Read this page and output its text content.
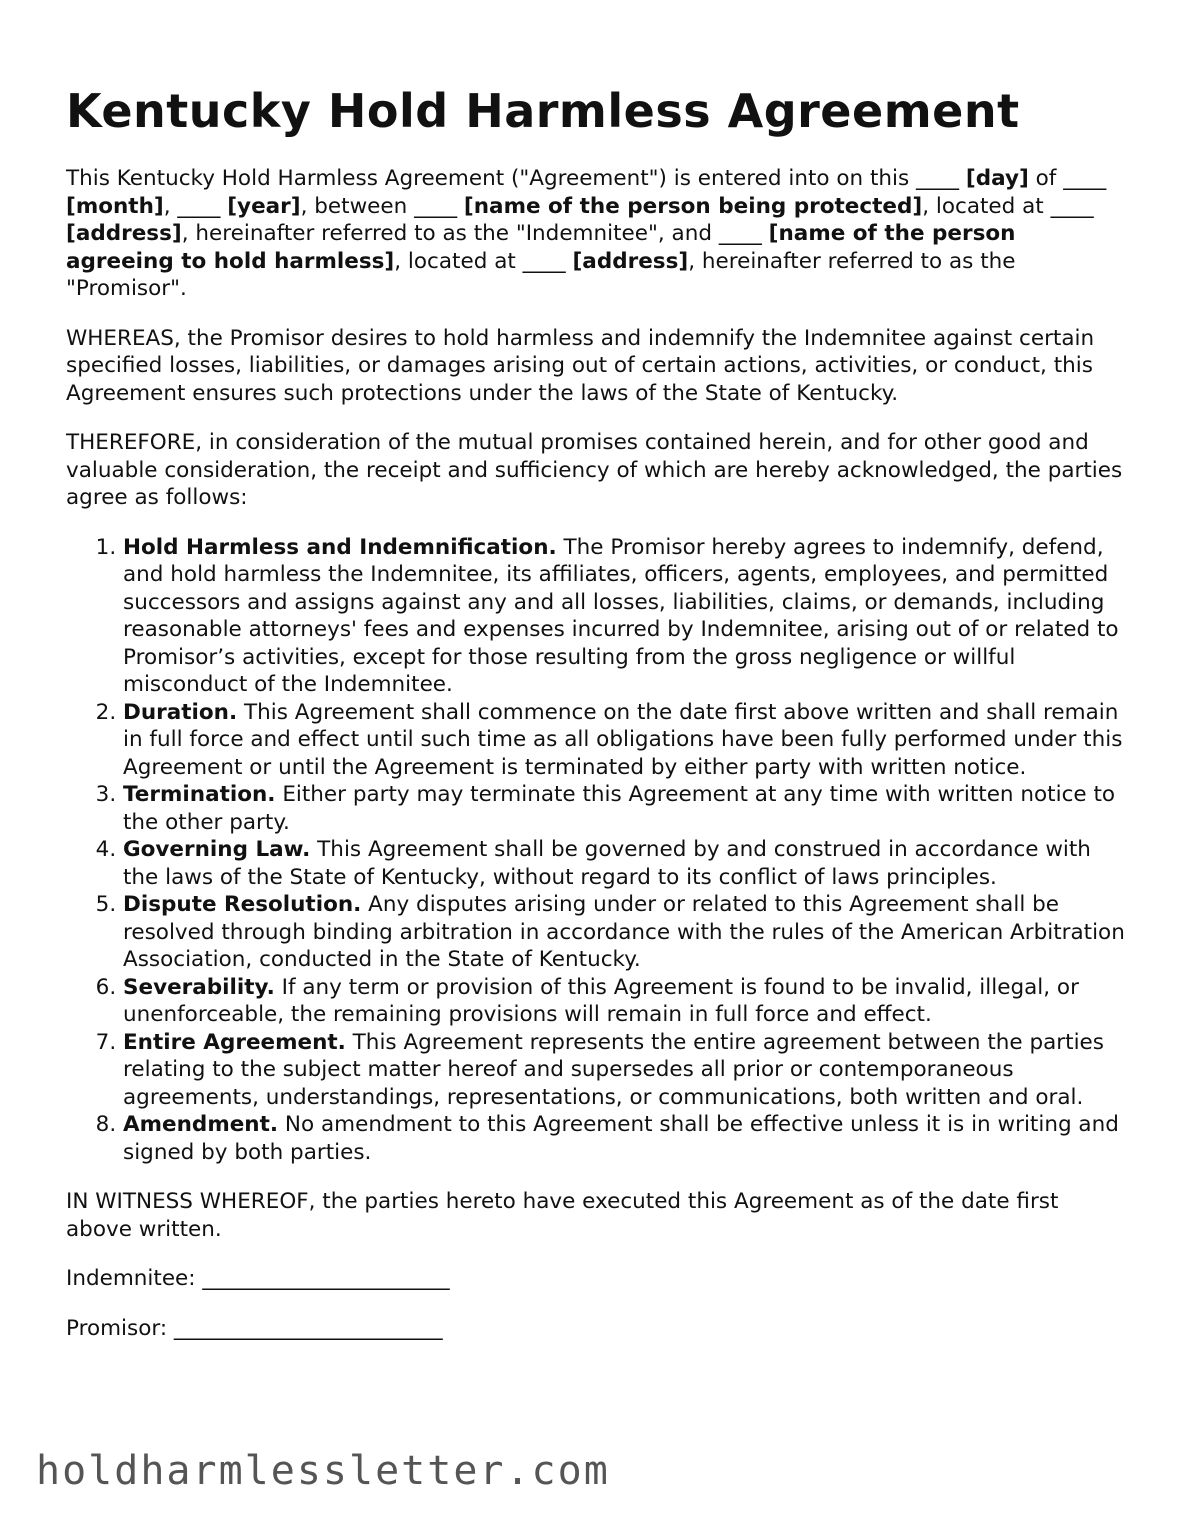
Kentucky Hold Harmless Agreement

This Kentucky Hold Harmless Agreement ("Agreement") is entered into on this ____ [day] of ____ [month], ____ [year], between ____ [name of the person being protected], located at ____ [address], hereinafter referred to as the "Indemnitee", and ____ [name of the person agreeing to hold harmless], located at ____ [address], hereinafter referred to as the "Promisor".

WHEREAS, the Promisor desires to hold harmless and indemnify the Indemnitee against certain specified losses, liabilities, or damages arising out of certain actions, activities, or conduct, this Agreement ensures such protections under the laws of the State of Kentucky.

THEREFORE, in consideration of the mutual promises contained herein, and for other good and valuable consideration, the receipt and sufficiency of which are hereby acknowledged, the parties agree as follows:

1. Hold Harmless and Indemnification. The Promisor hereby agrees to indemnify, defend, and hold harmless the Indemnitee, its affiliates, officers, agents, employees, and permitted successors and assigns against any and all losses, liabilities, claims, or demands, including reasonable attorneys' fees and expenses incurred by Indemnitee, arising out of or related to Promisor’s activities, except for those resulting from the gross negligence or willful misconduct of the Indemnitee.
2. Duration. This Agreement shall commence on the date first above written and shall remain in full force and effect until such time as all obligations have been fully performed under this Agreement or until the Agreement is terminated by either party with written notice.
3. Termination. Either party may terminate this Agreement at any time with written notice to the other party.
4. Governing Law. This Agreement shall be governed by and construed in accordance with the laws of the State of Kentucky, without regard to its conflict of laws principles.
5. Dispute Resolution. Any disputes arising under or related to this Agreement shall be resolved through binding arbitration in accordance with the rules of the American Arbitration Association, conducted in the State of Kentucky.
6. Severability. If any term or provision of this Agreement is found to be invalid, illegal, or unenforceable, the remaining provisions will remain in full force and effect.
7. Entire Agreement. This Agreement represents the entire agreement between the parties relating to the subject matter hereof and supersedes all prior or contemporaneous agreements, understandings, representations, or communications, both written and oral.
8. Amendment. No amendment to this Agreement shall be effective unless it is in writing and signed by both parties.

IN WITNESS WHEREOF, the parties hereto have executed this Agreement as of the date first above written.

Indemnitee: _______________________
Promisor: _________________________
holdharmlessletter.com
